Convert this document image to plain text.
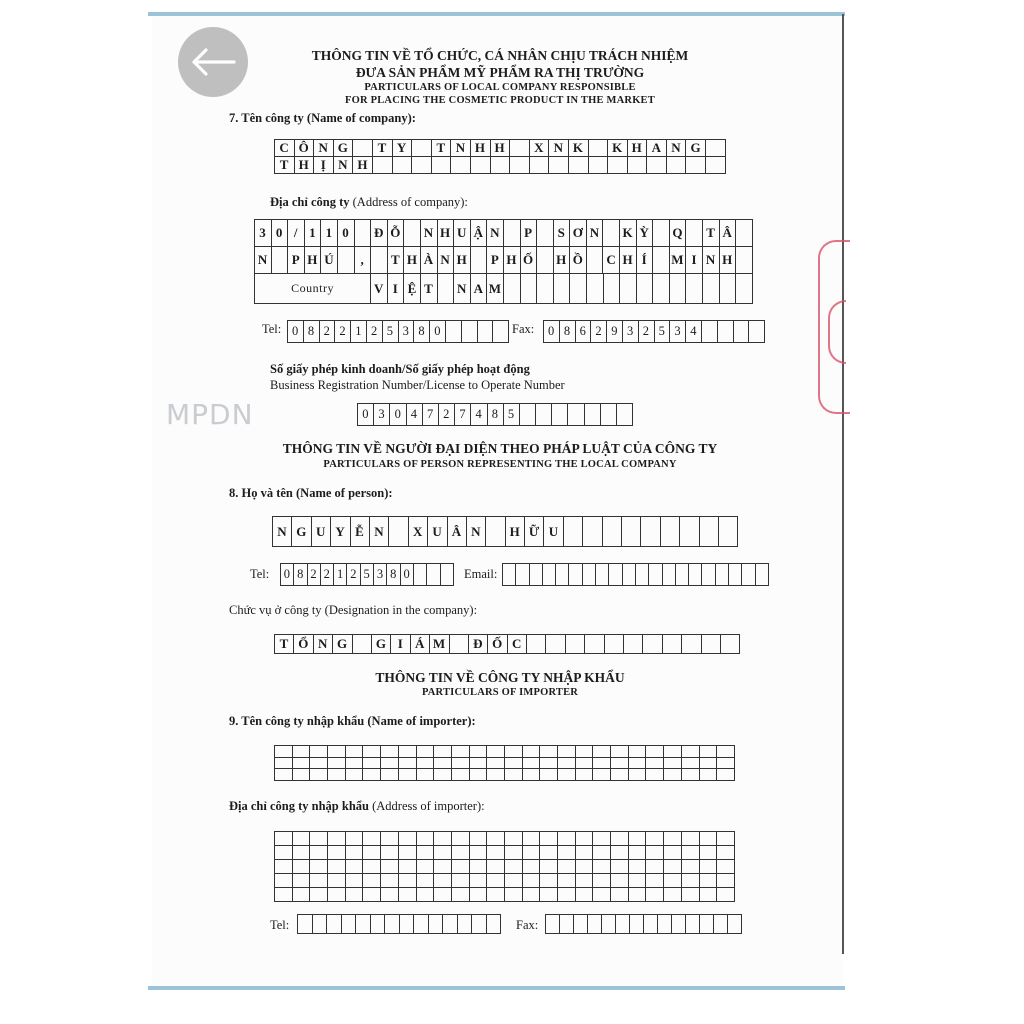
MPDN
THÔNG TIN VỀ TỔ CHỨC, CÁ NHÂN CHỊU TRÁCH NHIỆM
ĐƯA SẢN PHẨM MỸ PHẨM RA THỊ TRƯỜNG
PARTICULARS OF LOCAL COMPANY RESPONSIBLE
FOR PLACING THE COSMETIC PRODUCT IN THE MARKET
7. Tên công ty (Name of company):
C Ô N G	T Y	T N H H	X N K	K H A N G
T H Ị N H
Địa chỉ công ty (Address of company):
3 0 / 1 1 0	Đ Ỗ N H U Ậ N P	S Ơ N K Ỳ Q T Â
N P H Ú	,	T H À N H P H Ố H Ồ C H Í	M I N H
Country	V I Ệ T	N A M
Tel: 0 8 2 2 1 2 5 3 8 0	Fax:	0 8 6 2 9 3 2 5 3 4
Số giấy phép kinh doanh/Số giấy phép hoạt động
Business Registration Number/License to Operate Number
0 3 0 4 7 2 7 4 8 5
THÔNG TIN VỀ NGƯỜI ĐẠI DIỆN THEO PHÁP LUẬT CỦA CÔNG TY
PARTICULARS OF PERSON REPRESENTING THE LOCAL COMPANY
8. Họ và tên (Name of person):
N G U Y Ễ N	X U Â N	H Ữ U
Tel: 0 8 2 2 1 2 5 3 8 0	Email:
Chức vụ ở công ty (Designation in the company):
T Ổ N G	G I Á M	Đ Ố C
THÔNG TIN VỀ CÔNG TY NHẬP KHẨU
PARTICULARS OF IMPORTER
9. Tên công ty nhập khẩu (Name of importer):
Địa chỉ công ty nhập khẩu (Address of importer):
Tel:	Fax:
